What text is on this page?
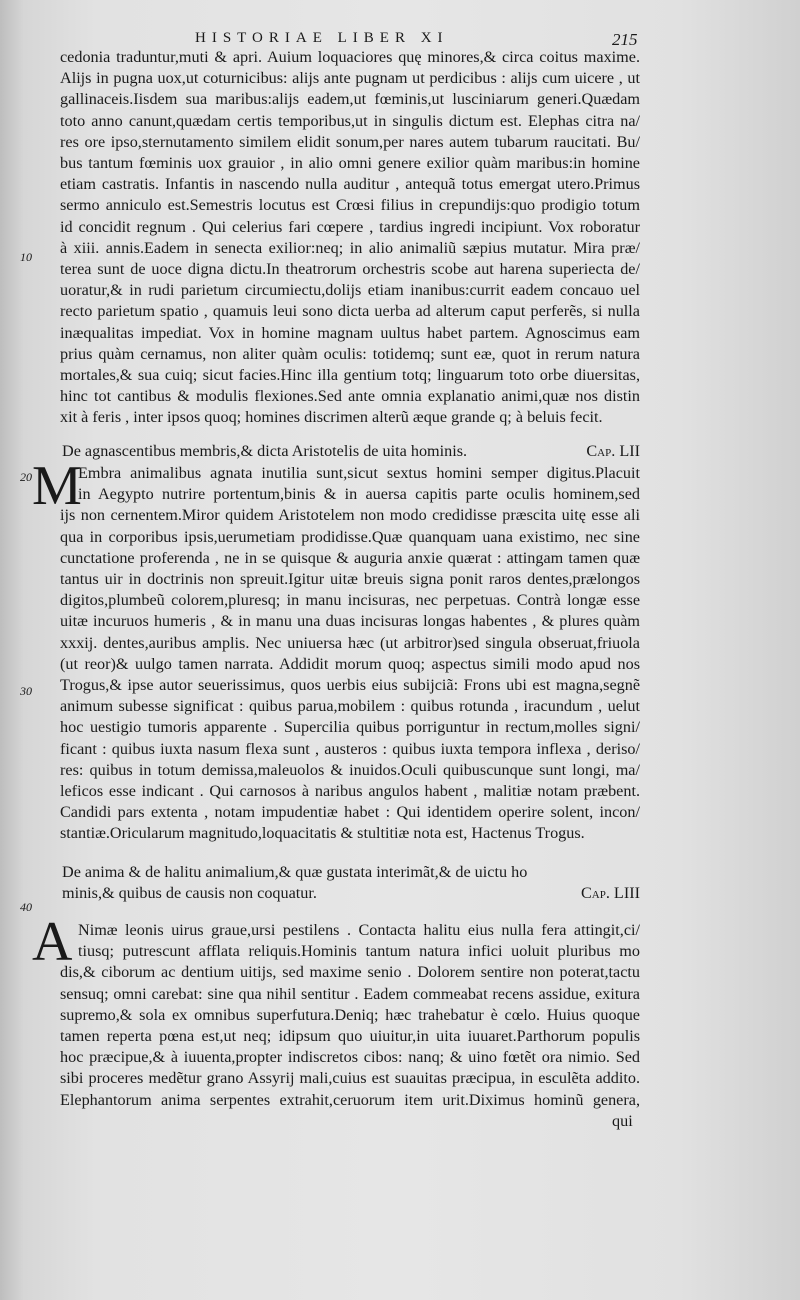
HISTORIAE LIBER XI	215
cedonia traduntur,muti & apri. Auium loquaciores quę minores,& circa coitus maxime.
Alijs in pugna uox,ut coturnicibus: alijs ante pugnam ut perdicibus : alijs cum uicere , ut
gallinaceis.Iisdem sua maribus:alijs eadem,ut fœminis,ut lusciniarum generi.Quædam
toto anno canunt,quædam certis temporibus,ut in singulis dictum est. Elephas citra na/
res ore ipso,sternutamento similem elidit sonum,per nares autem tubarum raucitati. Bu/
bus tantum fœminis uox grauior , in alio omni genere exilior quàm maribus:in homine
etiam castratis. Infantis in nascendo nulla auditur , antequã totus emergat utero.Primus
sermo anniculo est.Semestris locutus est Crœsi filius in crepundijs:quo prodigio totum
id concidit regnum . Qui celerius fari cœpere , tardius ingredi incipiunt. Vox roboratur
à xiii. annis.Eadem in senecta exilior:neq; in alio animaliũ sæpius mutatur. Mira præ/
terea sunt de uoce digna dictu.In theatrorum orchestris scobe aut harena superiecta de/
uoratur,& in rudi parietum circumiectu,dolijs etiam inanibus:currit eadem concauo uel
recto parietum spatio , quamuis leui sono dicta uerba ad alterum caput perferẽs, si nulla
inæqualitas impediat. Vox in homine magnam uultus habet partem. Agnoscimus eam
prius quàm cernamus, non aliter quàm oculis: totidemq; sunt eæ, quot in rerum natura
mortales,& sua cuiq; sicut facies.Hinc illa gentium totq; linguarum toto orbe diuersitas,
hinc tot cantibus & modulis flexiones.Sed ante omnia explanatio animi,quæ nos distin
xit à feris , inter ipsos quoq; homines discrimen alterũ æque grande q; à beluis fecit.
10
20
30
40
De agnascentibus membris,& dicta Aristotelis de uita hominis.	Cap. LII
M
Embra animalibus agnata inutilia sunt,sicut sextus homini semper digitus.Placuit
in Aegypto nutrire portentum,binis & in auersa capitis parte oculis hominem,sed
ijs non cernentem.Miror quidem Aristotelem non modo credidisse præscita uitę esse ali
qua in corporibus ipsis,uerumetiam prodidisse.Quæ quanquam uana existimo, nec sine
cunctatione proferenda , ne in se quisque & auguria anxie quærat : attingam tamen quæ
tantus uir in doctrinis non spreuit.Igitur uitæ breuis signa ponit raros dentes,prælongos
digitos,plumbeũ colorem,pluresq; in manu incisuras, nec perpetuas. Contrà longæ esse
uitæ incuruos humeris , & in manu una duas incisuras longas habentes , & plures quàm
xxxij. dentes,auribus amplis. Nec uniuersa hæc (ut arbitror)sed singula obseruat,friuola
(ut reor)& uulgo tamen narrata. Addidit morum quoq; aspectus simili modo apud nos
Trogus,& ipse autor seuerissimus, quos uerbis eius subijciã: Frons ubi est magna,segnẽ
animum subesse significat : quibus parua,mobilem : quibus rotunda , iracundum , uelut
hoc uestigio tumoris apparente . Supercilia quibus porriguntur in rectum,molles signi/
ficant : quibus iuxta nasum flexa sunt , austeros : quibus iuxta tempora inflexa , deriso/
res: quibus in totum demissa,maleuolos & inuidos.Oculi quibuscunque sunt longi, ma/
leficos esse indicant . Qui carnosos à naribus angulos habent , malitiæ notam præbent.
Candidi pars extenta , notam impudentiæ habet : Qui identidem operire solent, incon/
stantiæ.Oricularum magnitudo,loquacitatis & stultitiæ nota est, Hactenus Trogus.
De anima & de halitu animalium,& quæ gustata interimãt,& de uictu ho
minis,& quibus de causis non coquatur.	Cap. LIII
A Nimæ leonis uirus graue,ursi pestilens . Contacta halitu eius nulla fera attingit,ci/
tiusq; putrescunt afflata reliquis.Hominis tantum natura infici uoluit pluribus mo
dis,& ciborum ac dentium uitijs, sed maxime senio . Dolorem sentire non poterat,tactu
sensuq; omni carebat: sine qua nihil sentitur . Eadem commeabat recens assidue, exitura
supremo,& sola ex omnibus superfutura.Deniq; hæc trahebatur è cœlo. Huius quoque
tamen reperta pœna est,ut neq; idipsum quo uiuitur,in uita iuuaret.Parthorum populis
hoc præcipue,& à iuuenta,propter indiscretos cibos: nanq; & uino fœtẽt ora nimio. Sed
sibi proceres medẽtur grano Assyrij mali,cuius est suauitas præcipua, in esculẽta addito.
Elephantorum anima serpentes extrahit,ceruorum item urit.Diximus hominũ genera,
qui
